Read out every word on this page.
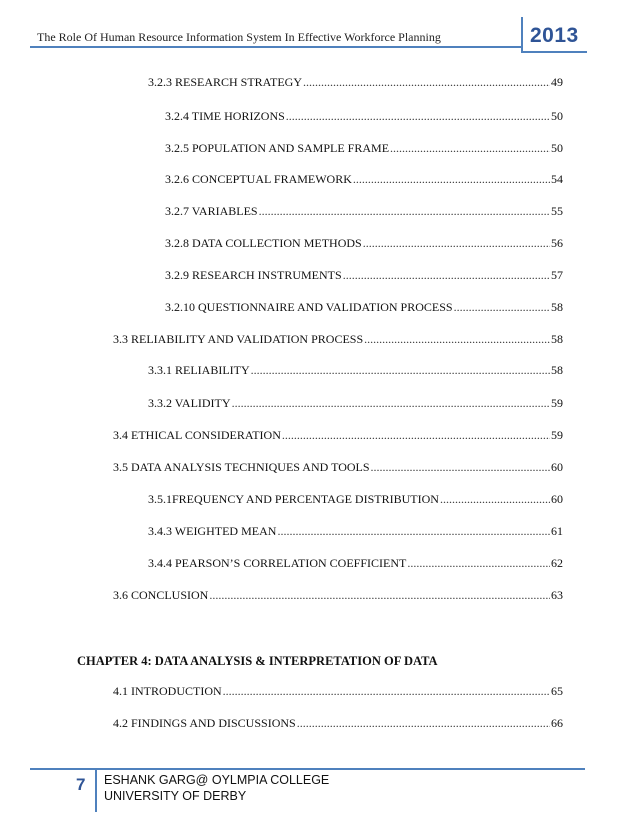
The Role Of Human Resource Information System In Effective Workforce Planning	2013
3.2.3 RESEARCH STRATEGY .....	49
3.2.4 TIME HORIZONS .....	50
3.2.5 POPULATION AND SAMPLE FRAME .....	50
3.2.6 CONCEPTUAL FRAMEWORK .....	54
3.2.7 VARIABLES .....	55
3.2.8 DATA COLLECTION METHODS .....	56
3.2.9 RESEARCH INSTRUMENTS .....	57
3.2.10 QUESTIONNAIRE AND VALIDATION PROCESS .....	58
3.3 RELIABILITY AND VALIDATION PROCESS .....	58
3.3.1 RELIABILITY .....	58
3.3.2 VALIDITY .....	59
3.4 ETHICAL CONSIDERATION .....	59
3.5 DATA ANALYSIS TECHNIQUES AND TOOLS .....	60
3.5.1FREQUENCY AND PERCENTAGE DISTRIBUTION .....	60
3.4.3 WEIGHTED MEAN .....	61
3.4.4 PEARSON’S CORRELATION COEFFICIENT .....	62
3.6 CONCLUSION .....	63
CHAPTER 4: DATA ANALYSIS & INTERPRETATION OF DATA
4.1 INTRODUCTION .....	65
4.2 FINDINGS AND DISCUSSIONS .....	66
7 ESHANK GARG@ OYLMPIA COLLEGE
UNIVERSITY OF DERBY
